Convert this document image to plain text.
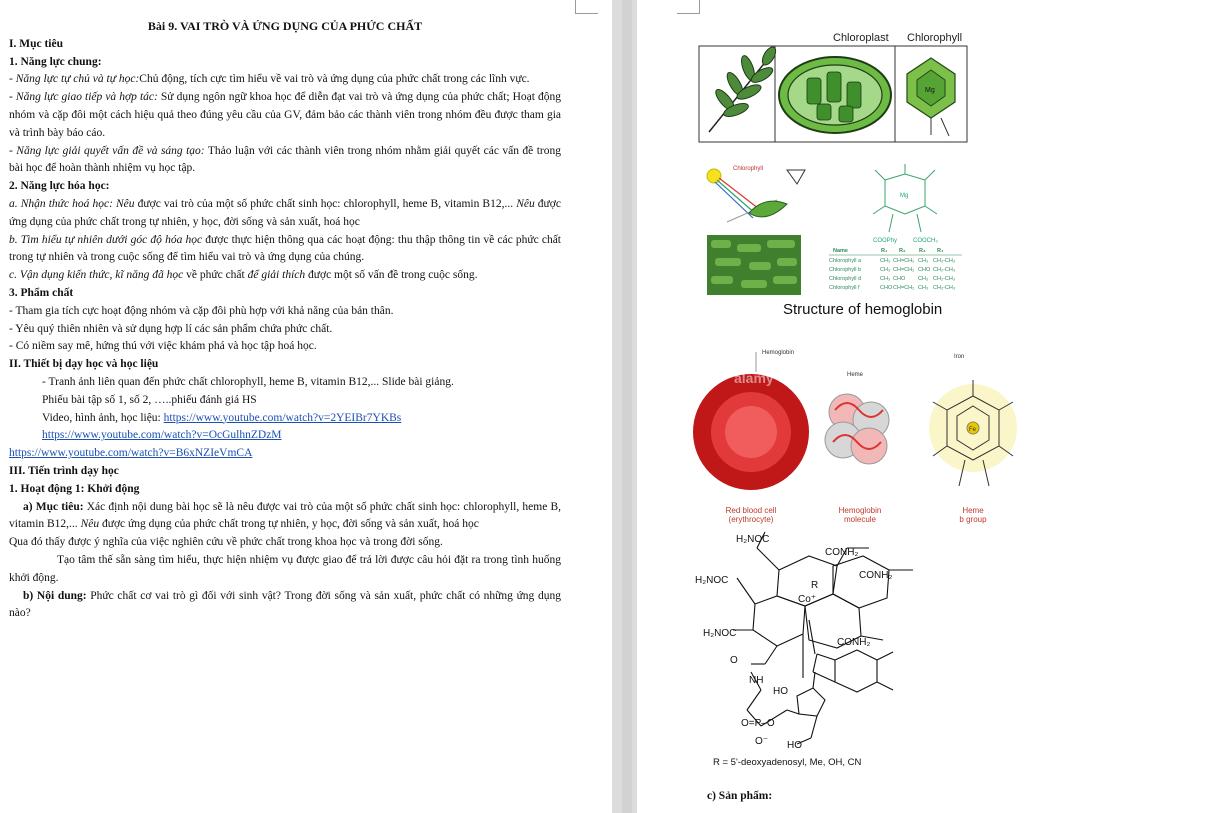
Bài 9. VAI TRÒ VÀ ỨNG DỤNG CỦA PHỨC CHẤT

I. Mục tiêu

1. Năng lực chung:

- Năng lực tự chủ và tự học:Chủ động, tích cực tìm hiểu về vai trò và ứng dụng của phức chất trong các lĩnh vực.

- Năng lực giao tiếp và hợp tác: Sử dụng ngôn ngữ khoa học để diễn đạt vai trò và ứng dụng của phức chất; Hoạt động nhóm và cặp đôi một cách hiệu quả theo đúng yêu cầu của GV, đảm bảo các thành viên trong nhóm đều được tham gia và trình bày báo cáo.

- Năng lực giải quyết vấn đề và sáng tạo: Thảo luận với các thành viên trong nhóm nhằm giải quyết các vấn đề trong bài học để hoàn thành nhiệm vụ học tập.

2. Năng lực hóa học:

a. Nhận thức hoá học: Nêu được vai trò của một số phức chất sinh học: chlorophyll, heme B, vitamin B12,... Nêu được ứng dụng của phức chất trong tự nhiên, y học, đời sống và sản xuất, hoá học

b. Tìm hiểu tự nhiên dưới góc độ hóa học được thực hiện thông qua các hoạt động: thu thập thông tin về các phức chất trong tự nhiên và trong cuộc sống để tìm hiểu vai trò và ứng dụng của chúng.

c. Vận dụng kiến thức, kĩ năng đã học về phức chất để giải thích được một số vấn đề trong cuộc sống.

3. Phẩm chất

- Tham gia tích cực hoạt động nhóm và cặp đôi phù hợp với khả năng của bản thân.

- Yêu quý thiên nhiên và sử dụng hợp lí các sản phẩm chứa phức chất.

- Có niềm say mê, hứng thú với việc khám phá và học tập hoá học.

II. Thiết bị dạy học và học liệu

- Tranh ảnh liên quan đến phức chất chlorophyll, heme B, vitamin B12,... Slide bài giảng.

Phiếu bài tập số 1, số 2, …..phiếu đánh giá HS

Video, hình ảnh, học liệu: https://www.youtube.com/watch?v=2YEIBr7YKBs

https://www.youtube.com/watch?v=OcGulhnZDzM

https://www.youtube.com/watch?v=B6xNZIeVmCA

III. Tiến trình dạy học

1. Hoạt động 1: Khởi động

a) Mục tiêu: Xác định nội dung bài học sẽ là nêu được vai trò của một số phức chất sinh học: chlorophyll, heme B, vitamin B12,... Nêu được ứng dụng của phức chất trong tự nhiên, y học, đời sống và sản xuất, hoá học

Qua đó thấy được ý nghĩa của việc nghiên cứu về phức chất trong khoa học và trong đời sống.

Tạo tâm thế sẵn sàng tìm hiểu, thực hiện nhiệm vụ được giao để trả lời được câu hỏi đặt ra trong tình huống khởi động.

b) Nội dung: Phức chất cơ vai trò gì đối với sinh vật? Trong đời sống và sản xuất, phức chất có những ứng dụng nào?

Chloroplast Chlorophyll
Mg
Chlorophyll
Mg
COOPhy	COOCH₃
Name	R₁ R₂ R₃ R₄
Chlorophyll a	CH₃ CH=CH₂ CH₃ CH₂-CH₃
Chlorophyll b	CH₃ CH=CH₂ CHO CH₂-CH₃
Chlorophyll d	CH₃ CHO CH₃ CH₂-CH₃
Chlorophyll f	CHO CH=CH₂ CH₃ CH₂-CH₃
Structure of hemoglobin
Hemoglobin
Iron
Heme
alamy
Fe
Red blood cell
(erythrocyte)
Hemoglobin
molecule
Heme
b group
H₂NOC
CONH₂
CONH₂
H₂NOC
H₂NOC
CONH₂
R
Co⁺
NH
HO
O=P–O
O⁻ HO
O
R = 5'-deoxyadenosyl, Me, OH, CN
c) Sản phẩm:
